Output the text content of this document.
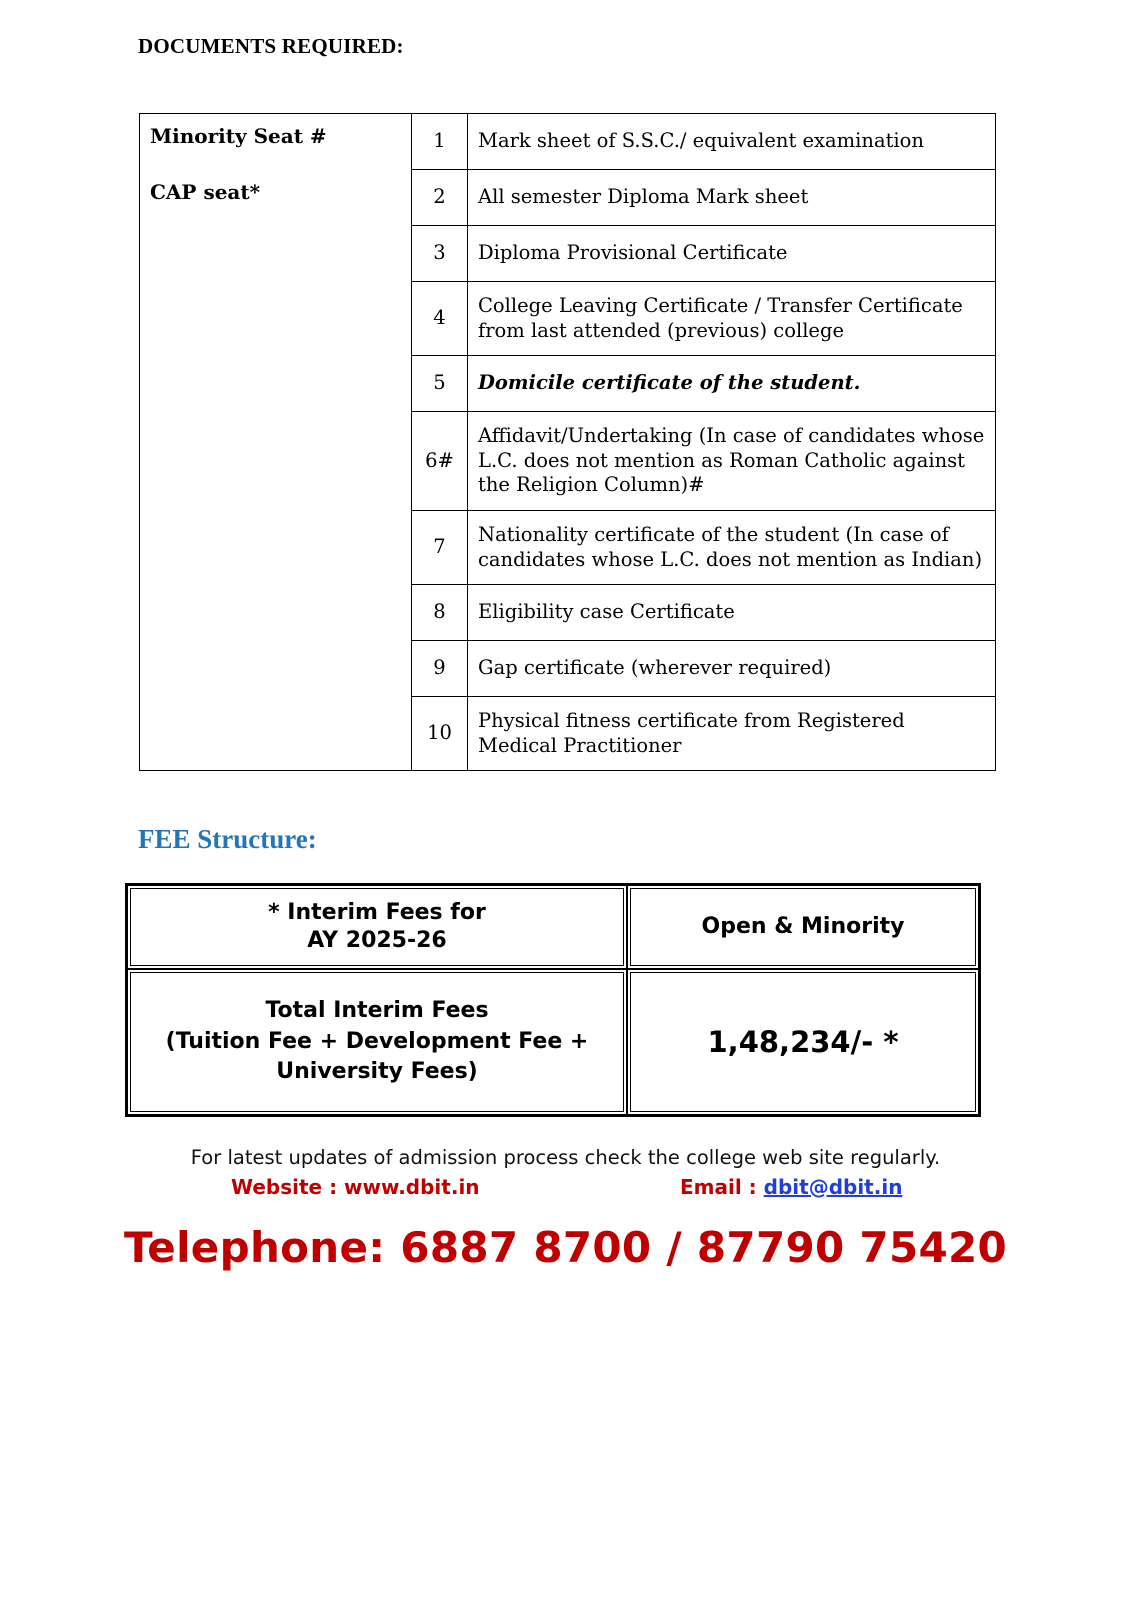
DOCUMENTS REQUIRED:
Minority Seat #
CAP seat*	1	Mark sheet of S.S.C./ equivalent examination
	2	All semester Diploma Mark sheet
	3	Diploma Provisional Certificate
	4	College Leaving Certificate / Transfer Certificate from last attended (previous) college
	5	Domicile certificate of the student.
	6#	Affidavit/Undertaking (In case of candidates whose L.C. does not mention as Roman Catholic against the Religion Column)#
	7	Nationality certificate of the student (In case of candidates whose L.C. does not mention as Indian)
	8	Eligibility case Certificate
	9	Gap certificate (wherever required)
	10	Physical fitness certificate from Registered Medical Practitioner
FEE Structure:
* Interim Fees for
AY 2025-26	Open & Minority

Total Interim Fees
(Tuition Fee + Development Fee +
University Fees)	1,48,234/- *
For latest updates of admission process check the college web site regularly.
Website : www.dbit.in	Email : dbit@dbit.in
Telephone: 6887 8700 / 87790 75420
